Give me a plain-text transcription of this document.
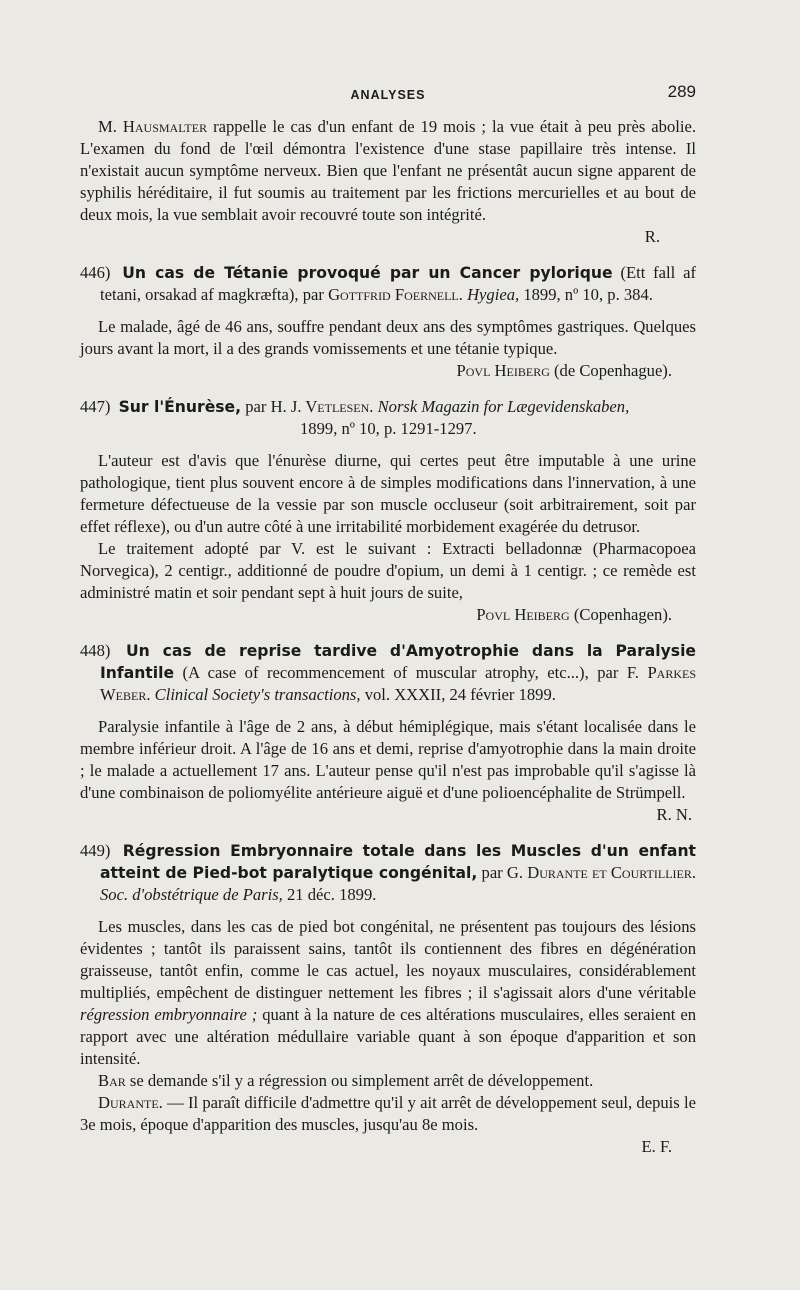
ANALYSES	289

M. Hausmalter rappelle le cas d'un enfant de 19 mois ; la vue était à peu près abolie. L'examen du fond de l'œil démontra l'existence d'une stase papillaire très intense. Il n'existait aucun symptôme nerveux. Bien que l'enfant ne présentât aucun signe apparent de syphilis héréditaire, il fut soumis au traitement par les frictions mercurielles et au bout de deux mois, la vue semblait avoir recouvré toute son intégrité.

R.

446) Un cas de Tétanie provoqué par un Cancer pylorique (Ett fall af tetani, orsakad af magkræfta), par Gottfrid Foernell. Hygiea, 1899, nº 10, p. 384.

Le malade, âgé de 46 ans, souffre pendant deux ans des symptômes gastriques. Quelques jours avant la mort, il a des grands vomissements et une tétanie typique.

Povl Heiberg (de Copenhague).

447) Sur l'Énurèse, par H. J. Vetlesen. Norsk Magazin for Lægevidenskaben,
1899, nº 10, p. 1291-1297.

L'auteur est d'avis que l'énurèse diurne, qui certes peut être imputable à une urine pathologique, tient plus souvent encore à de simples modifications dans l'innervation, à une fermeture défectueuse de la vessie par son muscle occluseur (soit arbitrairement, soit par effet réflexe), ou d'un autre côté à une irritabilité morbidement exagérée du detrusor.

Le traitement adopté par V. est le suivant : Extracti belladonnæ (Pharmacopoea Norvegica), 2 centigr., additionné de poudre d'opium, un demi à 1 centigr. ; ce remède est administré matin et soir pendant sept à huit jours de suite,

Povl Heiberg (Copenhagen).

448) Un cas de reprise tardive d'Amyotrophie dans la Paralysie Infantile (A case of recommencement of muscular atrophy, etc...), par F. Parkes Weber. Clinical Society's transactions, vol. XXXII, 24 février 1899.

Paralysie infantile à l'âge de 2 ans, à début hémiplégique, mais s'étant localisée dans le membre inférieur droit. A l'âge de 16 ans et demi, reprise d'amyotrophie dans la main droite ; le malade a actuellement 17 ans. L'auteur pense qu'il n'est pas improbable qu'il s'agisse là d'une combinaison de poliomyélite antérieure aiguë et d'une polioencéphalite de Strümpell.
R. N.

449) Régression Embryonnaire totale dans les Muscles d'un enfant atteint de Pied-bot paralytique congénital, par G. Durante et Courtillier. Soc. d'obstétrique de Paris, 21 déc. 1899.

Les muscles, dans les cas de pied bot congénital, ne présentent pas toujours des lésions évidentes ; tantôt ils paraissent sains, tantôt ils contiennent des fibres en dégénération graisseuse, tantôt enfin, comme le cas actuel, les noyaux musculaires, considérablement multipliés, empêchent de distinguer nettement les fibres ; il s'agissait alors d'une véritable régression embryonnaire ; quant à la nature de ces altérations musculaires, elles seraient en rapport avec une altération médullaire variable quant à son époque d'apparition et son intensité.

Bar se demande s'il y a régression ou simplement arrêt de développement.

Durante. — Il paraît difficile d'admettre qu'il y ait arrêt de développement seul, depuis le 3e mois, époque d'apparition des muscles, jusqu'au 8e mois.

E. F.
